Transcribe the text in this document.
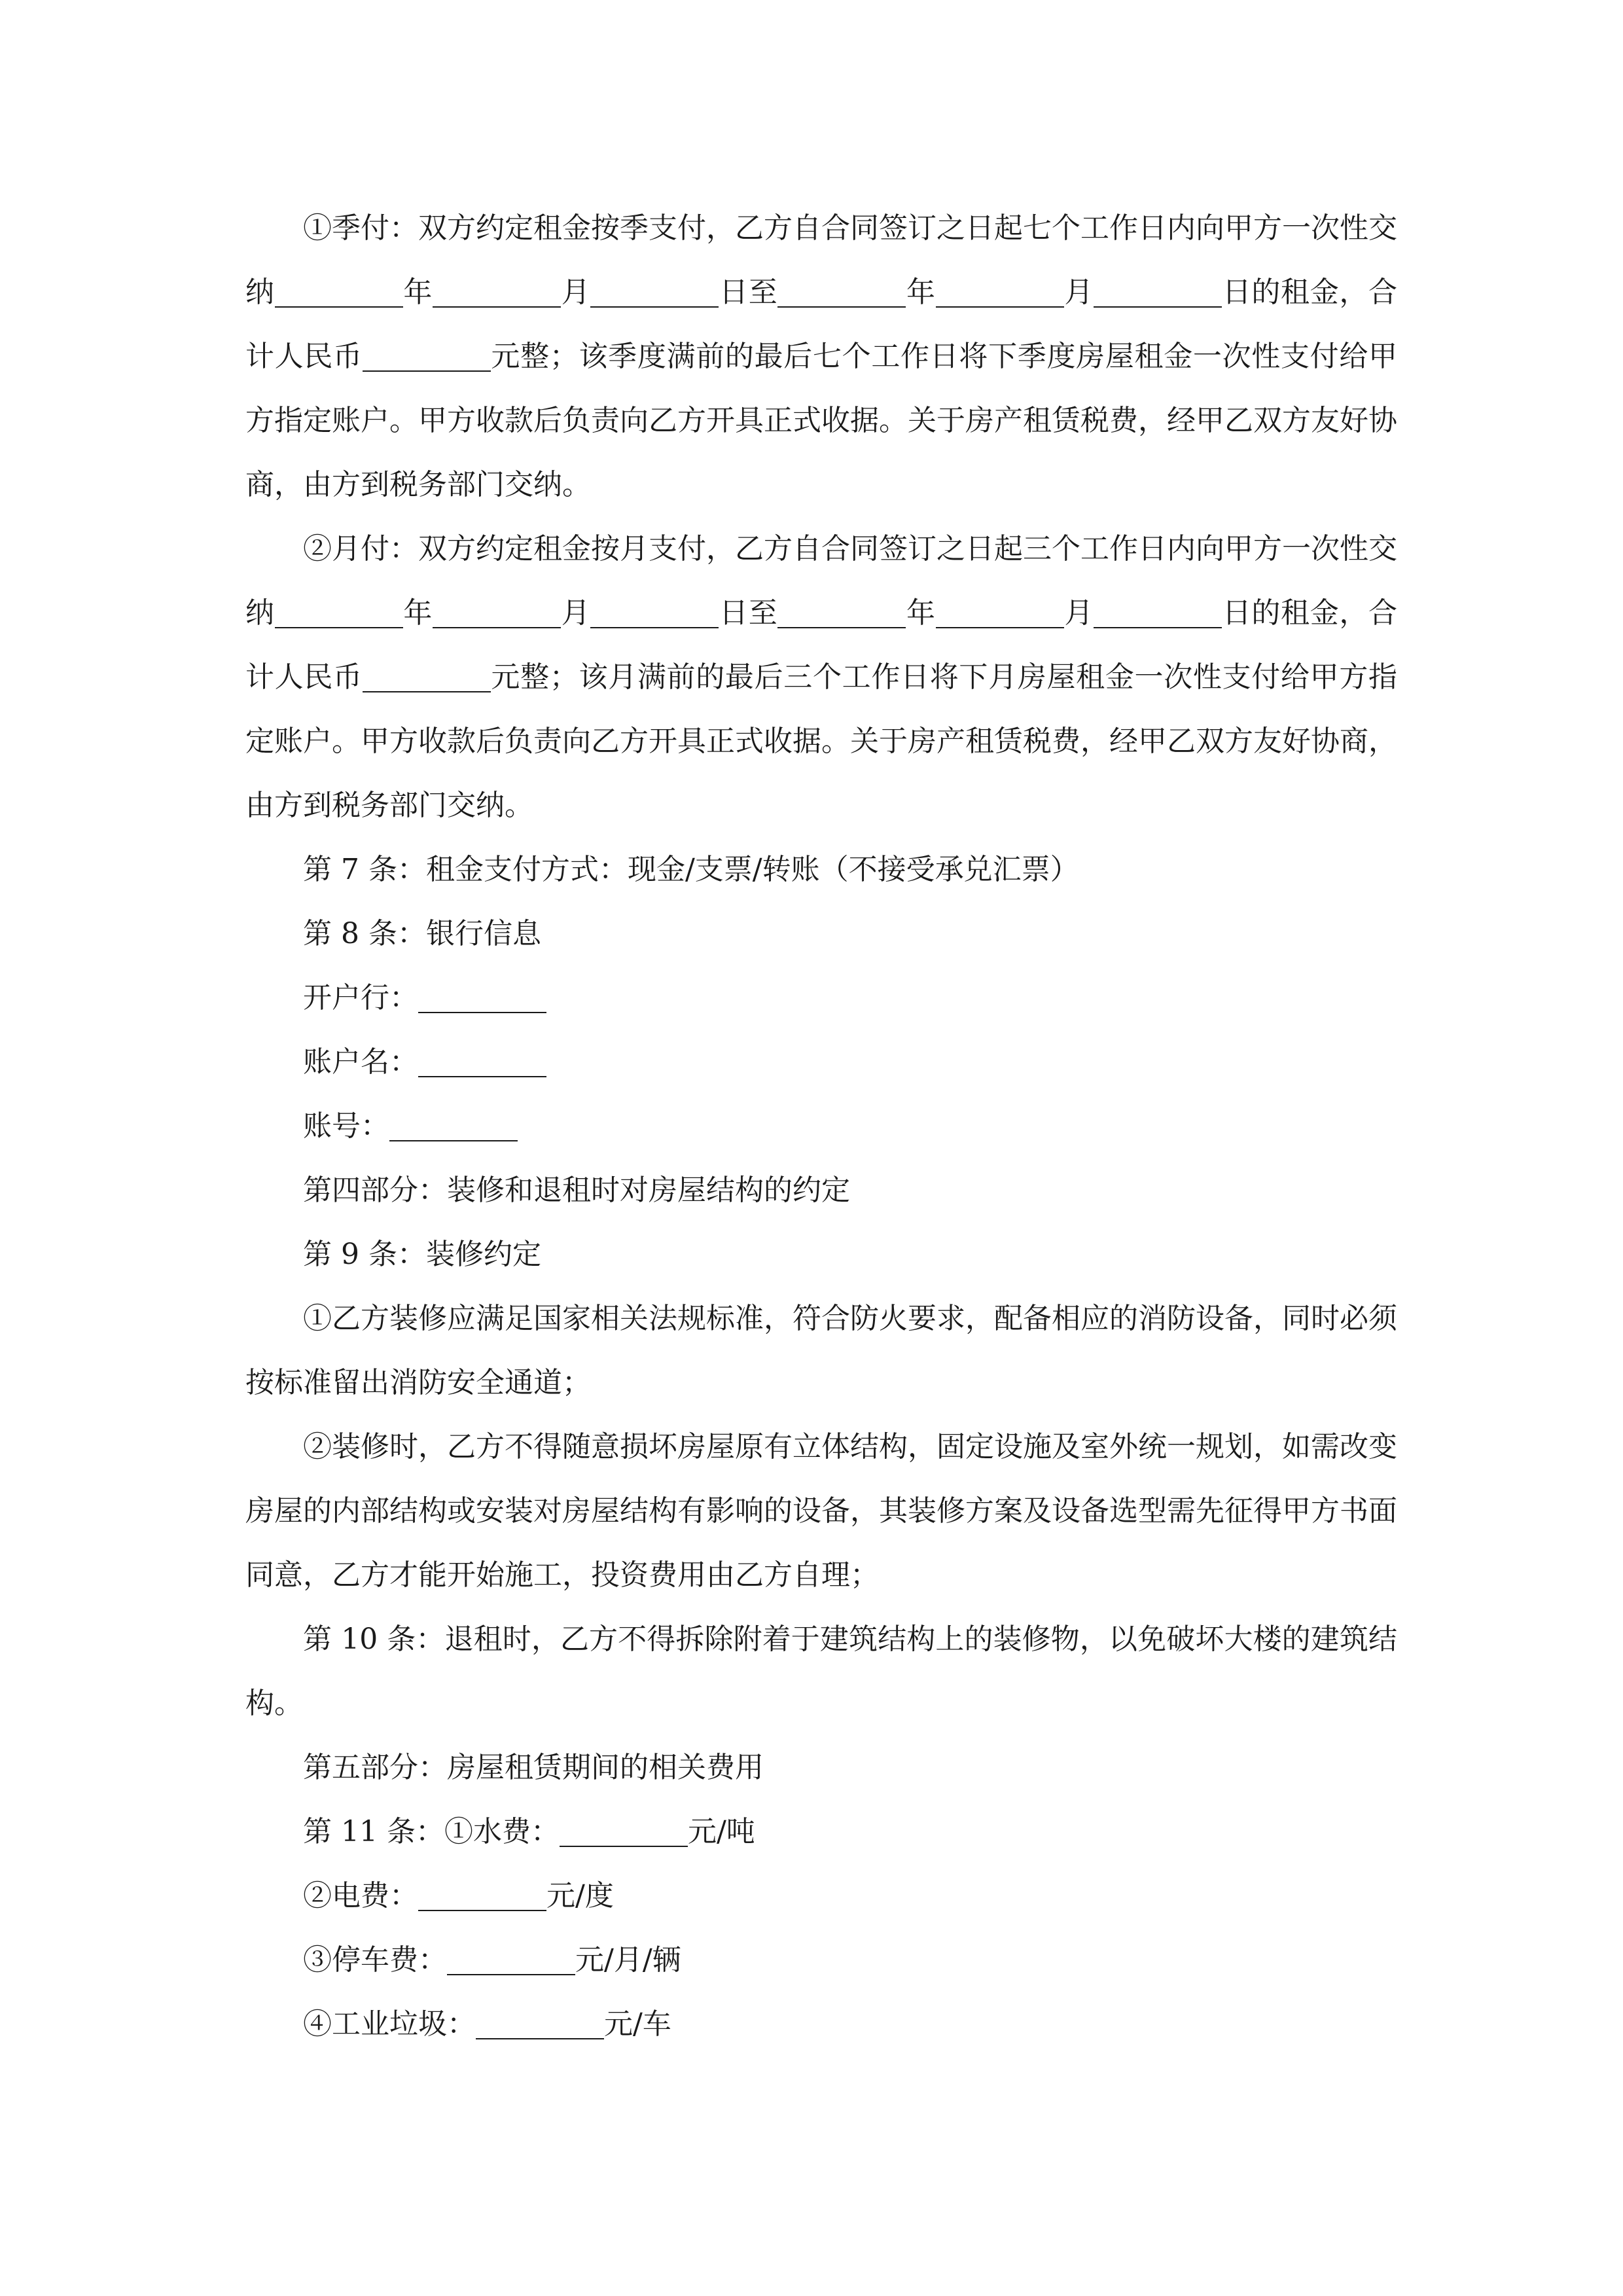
①季付：双方约定租金按季支付，乙方自合同签订之日起七个工作日内向甲方一次性交纳	年	月	日至	年	月	日的租金，合计人民币	元整；该季度满前的最后七个工作日将下季度房屋租金一次性支付给甲方指定账户。甲方收款后负责向乙方开具正式收据。关于房产租赁税费，经甲乙双方友好协商，由方到税务部门交纳。

②月付：双方约定租金按月支付，乙方自合同签订之日起三个工作日内向甲方一次性交纳	年	月	日至	年	月	日的租金，合计人民币	元整；该月满前的最后三个工作日将下月房屋租金一次性支付给甲方指定账户。甲方收款后负责向乙方开具正式收据。关于房产租赁税费，经甲乙双方友好协商，由方到税务部门交纳。

第 7 条：租金支付方式：现金/支票/转账（不接受承兑汇票）

第 8 条：银行信息

开户行：

账户名：

账号：

第四部分：装修和退租时对房屋结构的约定

第 9 条：装修约定

①乙方装修应满足国家相关法规标准，符合防火要求，配备相应的消防设备，同时必须按标准留出消防安全通道；

②装修时，乙方不得随意损坏房屋原有立体结构，固定设施及室外统一规划，如需改变房屋的内部结构或安装对房屋结构有影响的设备，其装修方案及设备选型需先征得甲方书面同意，乙方才能开始施工，投资费用由乙方自理；

第 10 条：退租时，乙方不得拆除附着于建筑结构上的装修物，以免破坏大楼的建筑结构。

第五部分：房屋租赁期间的相关费用

第 11 条：①水费：	元/吨

②电费：	元/度

③停车费：	元/月/辆

④工业垃圾：	元/车
